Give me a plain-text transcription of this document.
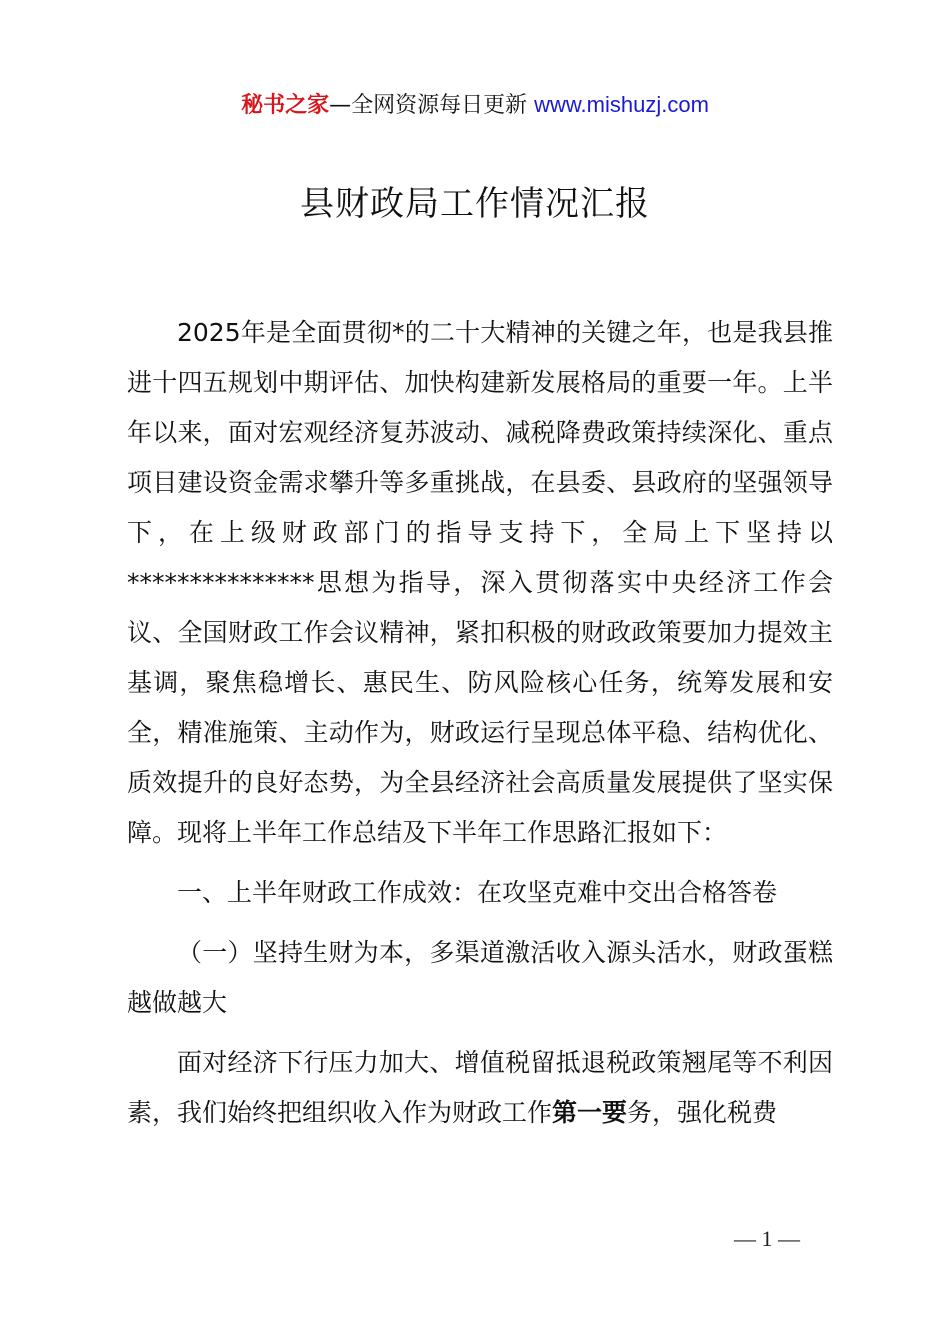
秘书之家—全网资源每日更新 www.mishuzj.com
县财政局工作情况汇报

2025年是全面贯彻*的二十大精神的关键之年，也是我县推进十四五规划中期评估、加快构建新发展格局的重要一年。上半年以来，面对宏观经济复苏波动、减税降费政策持续深化、重点项目建设资金需求攀升等多重挑战，在县委、县政府的坚强领导下，在上级财政部门的指导支持下，全局上下坚持以***************思想为指导，深入贯彻落实中央经济工作会议、全国财政工作会议精神，紧扣积极的财政政策要加力提效主基调，聚焦稳增长、惠民生、防风险核心任务，统筹发展和安全，精准施策、主动作为，财政运行呈现总体平稳、结构优化、质效提升的良好态势，为全县经济社会高质量发展提供了坚实保障。现将上半年工作总结及下半年工作思路汇报如下：

一、上半年财政工作成效：在攻坚克难中交出合格答卷

（一）坚持生财为本，多渠道激活收入源头活水，财政蛋糕越做越大

面对经济下行压力加大、增值税留抵退税政策翘尾等不利因素，我们始终把组织收入作为财政工作第一要务，强化税费

— 1 —
